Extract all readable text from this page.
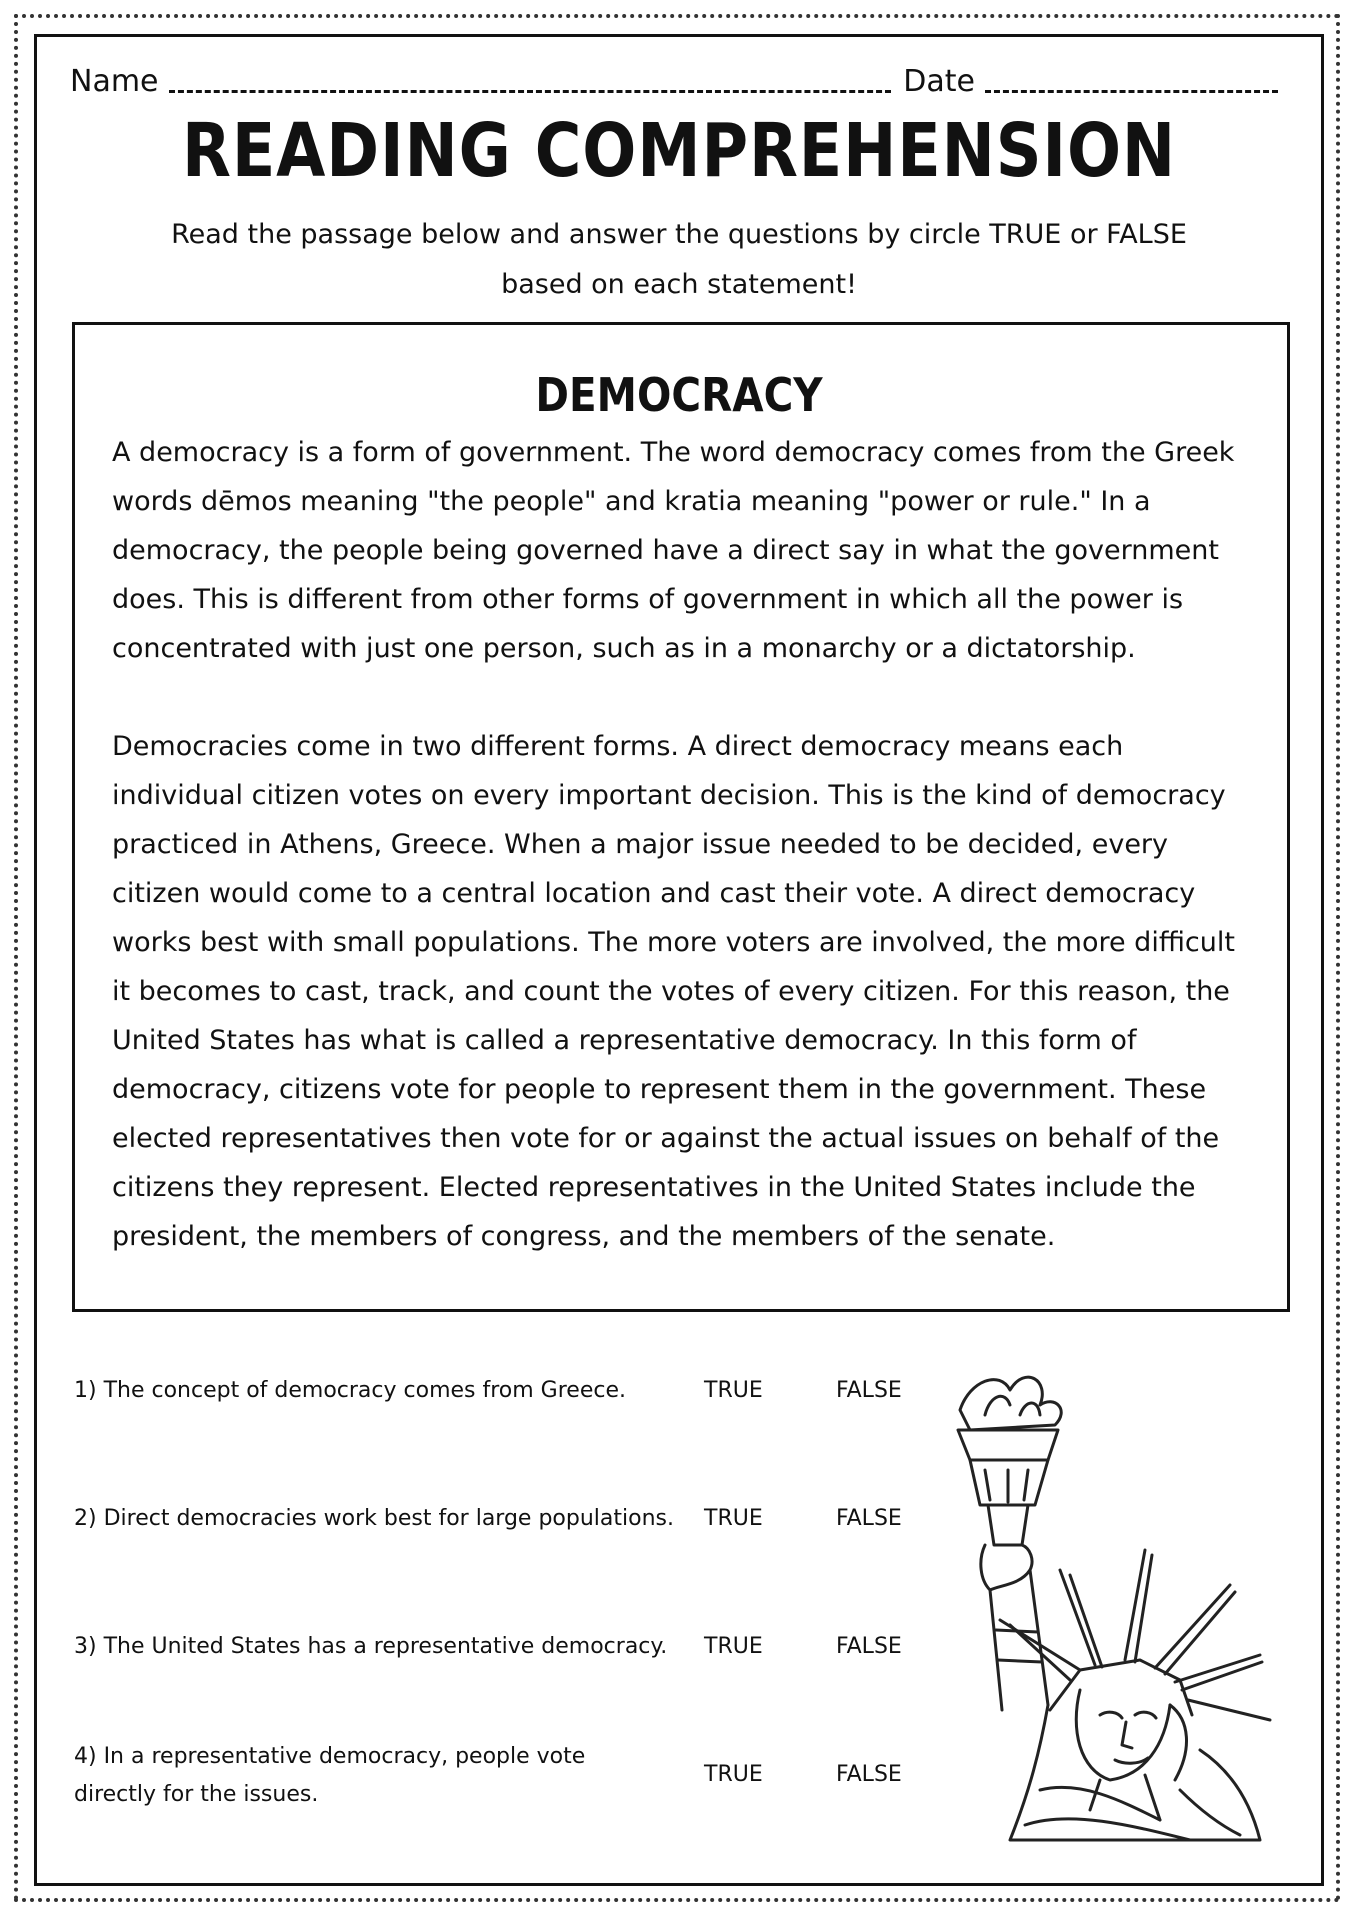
Name	Date
READING COMPREHENSION
Read the passage below and answer the questions by circle TRUE or FALSE
based on each statement!
DEMOCRACY
A democracy is a form of government. The word democracy comes from the Greek words dēmos meaning "the people" and kratia meaning "power or rule." In a democracy, the people being governed have a direct say in what the government does. This is different from other forms of government in which all the power is concentrated with just one person, such as in a monarchy or a dictatorship.
Democracies come in two different forms. A direct democracy means each individual citizen votes on every important decision. This is the kind of democracy practiced in Athens, Greece. When a major issue needed to be decided, every citizen would come to a central location and cast their vote. A direct democracy works best with small populations. The more voters are involved, the more difficult it becomes to cast, track, and count the votes of every citizen. For this reason, the United States has what is called a representative democracy. In this form of democracy, citizens vote for people to represent them in the government. These elected representatives then vote for or against the actual issues on behalf of the citizens they represent. Elected representatives in the United States include the president, the members of congress, and the members of the senate.
1) The concept of democracy comes from Greece.	TRUE	FALSE
2) Direct democracies work best for large populations. TRUE	FALSE
3) The United States has a representative democracy.	TRUE	FALSE
4) In a representative democracy, people vote directly for the issues.
TRUE	FALSE
